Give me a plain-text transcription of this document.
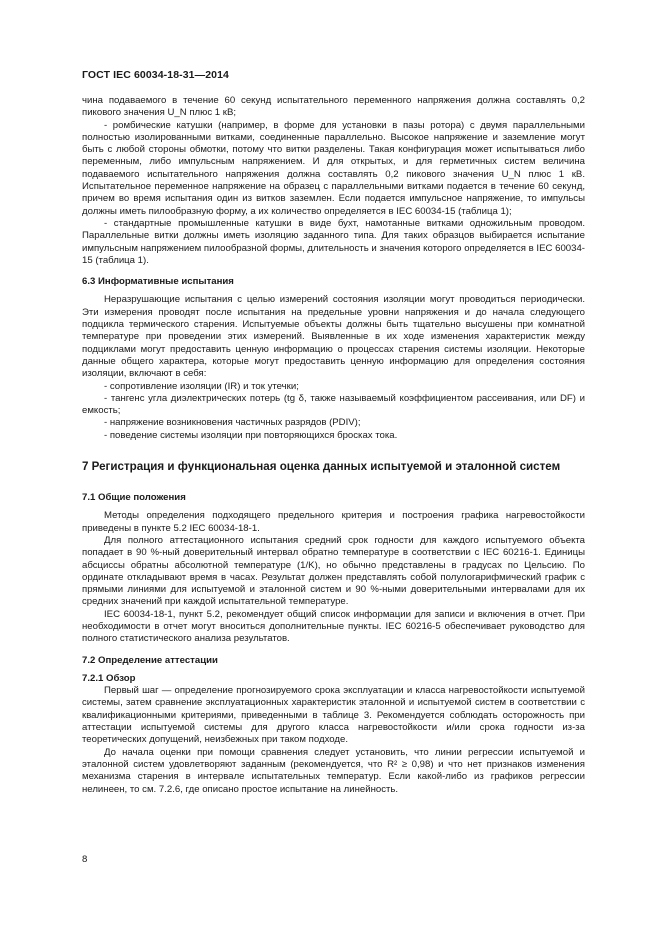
ГОСТ IEC 60034-18-31—2014

чина подаваемого в течение 60 секунд испытательного переменного напряжения должна составлять 0,2 пикового значения U_N плюс 1 кВ;

- ромбические катушки (например, в форме для установки в пазы ротора) с двумя параллельными полностью изолированными витками, соединенные параллельно. Высокое напряжение и заземление могут быть с любой стороны обмотки, потому что витки разделены. Такая конфигурация может испытываться либо переменным, либо импульсным напряжением. И для открытых, и для герметичных систем величина подаваемого испытательного напряжения должна составлять 0,2 пикового значения U_N плюс 1 кВ. Испытательное переменное напряжение на образец с параллельными витками подается в течение 60 секунд, причем во время испытания один из витков заземлен. Если подается импульсное напряжение, то импульсы должны иметь пилообразную форму, а их количество определяется в IEC 60034-15 (таблица 1);

- стандартные промышленные катушки в виде бухт, намотанные витками одножильным проводом. Параллельные витки должны иметь изоляцию заданного типа. Для таких образцов выбирается испытание импульсным напряжением пилообразной формы, длительность и значения которого определяется в IEC 60034-15 (таблица 1).

6.3 Информативные испытания

Неразрушающие испытания с целью измерений состояния изоляции могут проводиться периодически. Эти измерения проводят после испытания на предельные уровни напряжения и до начала следующего подцикла термического старения. Испытуемые объекты должны быть тщательно высушены при комнатной температуре при проведении этих измерений. Выявленные в их ходе изменения характеристик между подциклами могут предоставить ценную информацию о процессах старения системы изоляции. Некоторые данные общего характера, которые могут предоставить ценную информацию для определения состояния изоляции, включают в себя:

- сопротивление изоляции (IR) и ток утечки;

- тангенс угла диэлектрических потерь (tg δ, также называемый коэффициентом рассеивания, или DF) и емкость;

- напряжение возникновения частичных разрядов (PDIV);

- поведение системы изоляции при повторяющихся бросках тока.

7 Регистрация и функциональная оценка данных испытуемой и эталонной систем

7.1 Общие положения

Методы определения подходящего предельного критерия и построения графика нагревостойкости приведены в пункте 5.2 IEC 60034-18-1.

Для полного аттестационного испытания средний срок годности для каждого испытуемого объекта попадает в 90 %-ный доверительный интервал обратно температуре в соответствии с IEC 60216-1. Единицы абсциссы обратны абсолютной температуре (1/K), но обычно представлены в градусах по Цельсию. По ординате откладывают время в часах. Результат должен представлять собой полулогарифмический график с прямыми линиями для испытуемой и эталонной систем и 90 %-ными доверительными интервалами для их средних значений при каждой испытательной температуре.

IEC 60034-18-1, пункт 5.2, рекомендует общий список информации для записи и включения в отчет. При необходимости в отчет могут вноситься дополнительные пункты. IEC 60216-5 обеспечивает руководство для полного статистического анализа результатов.

7.2 Определение аттестации

7.2.1 Обзор

Первый шаг — определение прогнозируемого срока эксплуатации и класса нагревостойкости испытуемой системы, затем сравнение эксплуатационных характеристик эталонной и испытуемой систем в соответствии с квалификационными критериями, приведенными в таблице 3. Рекомендуется соблюдать осторожность при аттестации испытуемой системы для другого класса нагревостойкости и/или срока годности из-за теоретических допущений, неизбежных при таком подходе.

До начала оценки при помощи сравнения следует установить, что линии регрессии испытуемой и эталонной систем удовлетворяют заданным (рекомендуется, что R² ≥ 0,98) и что нет признаков изменения механизма старения в интервале испытательных температур. Если какой-либо из графиков регрессии нелинеен, то см. 7.2.6, где описано простое испытание на линейность.

8
